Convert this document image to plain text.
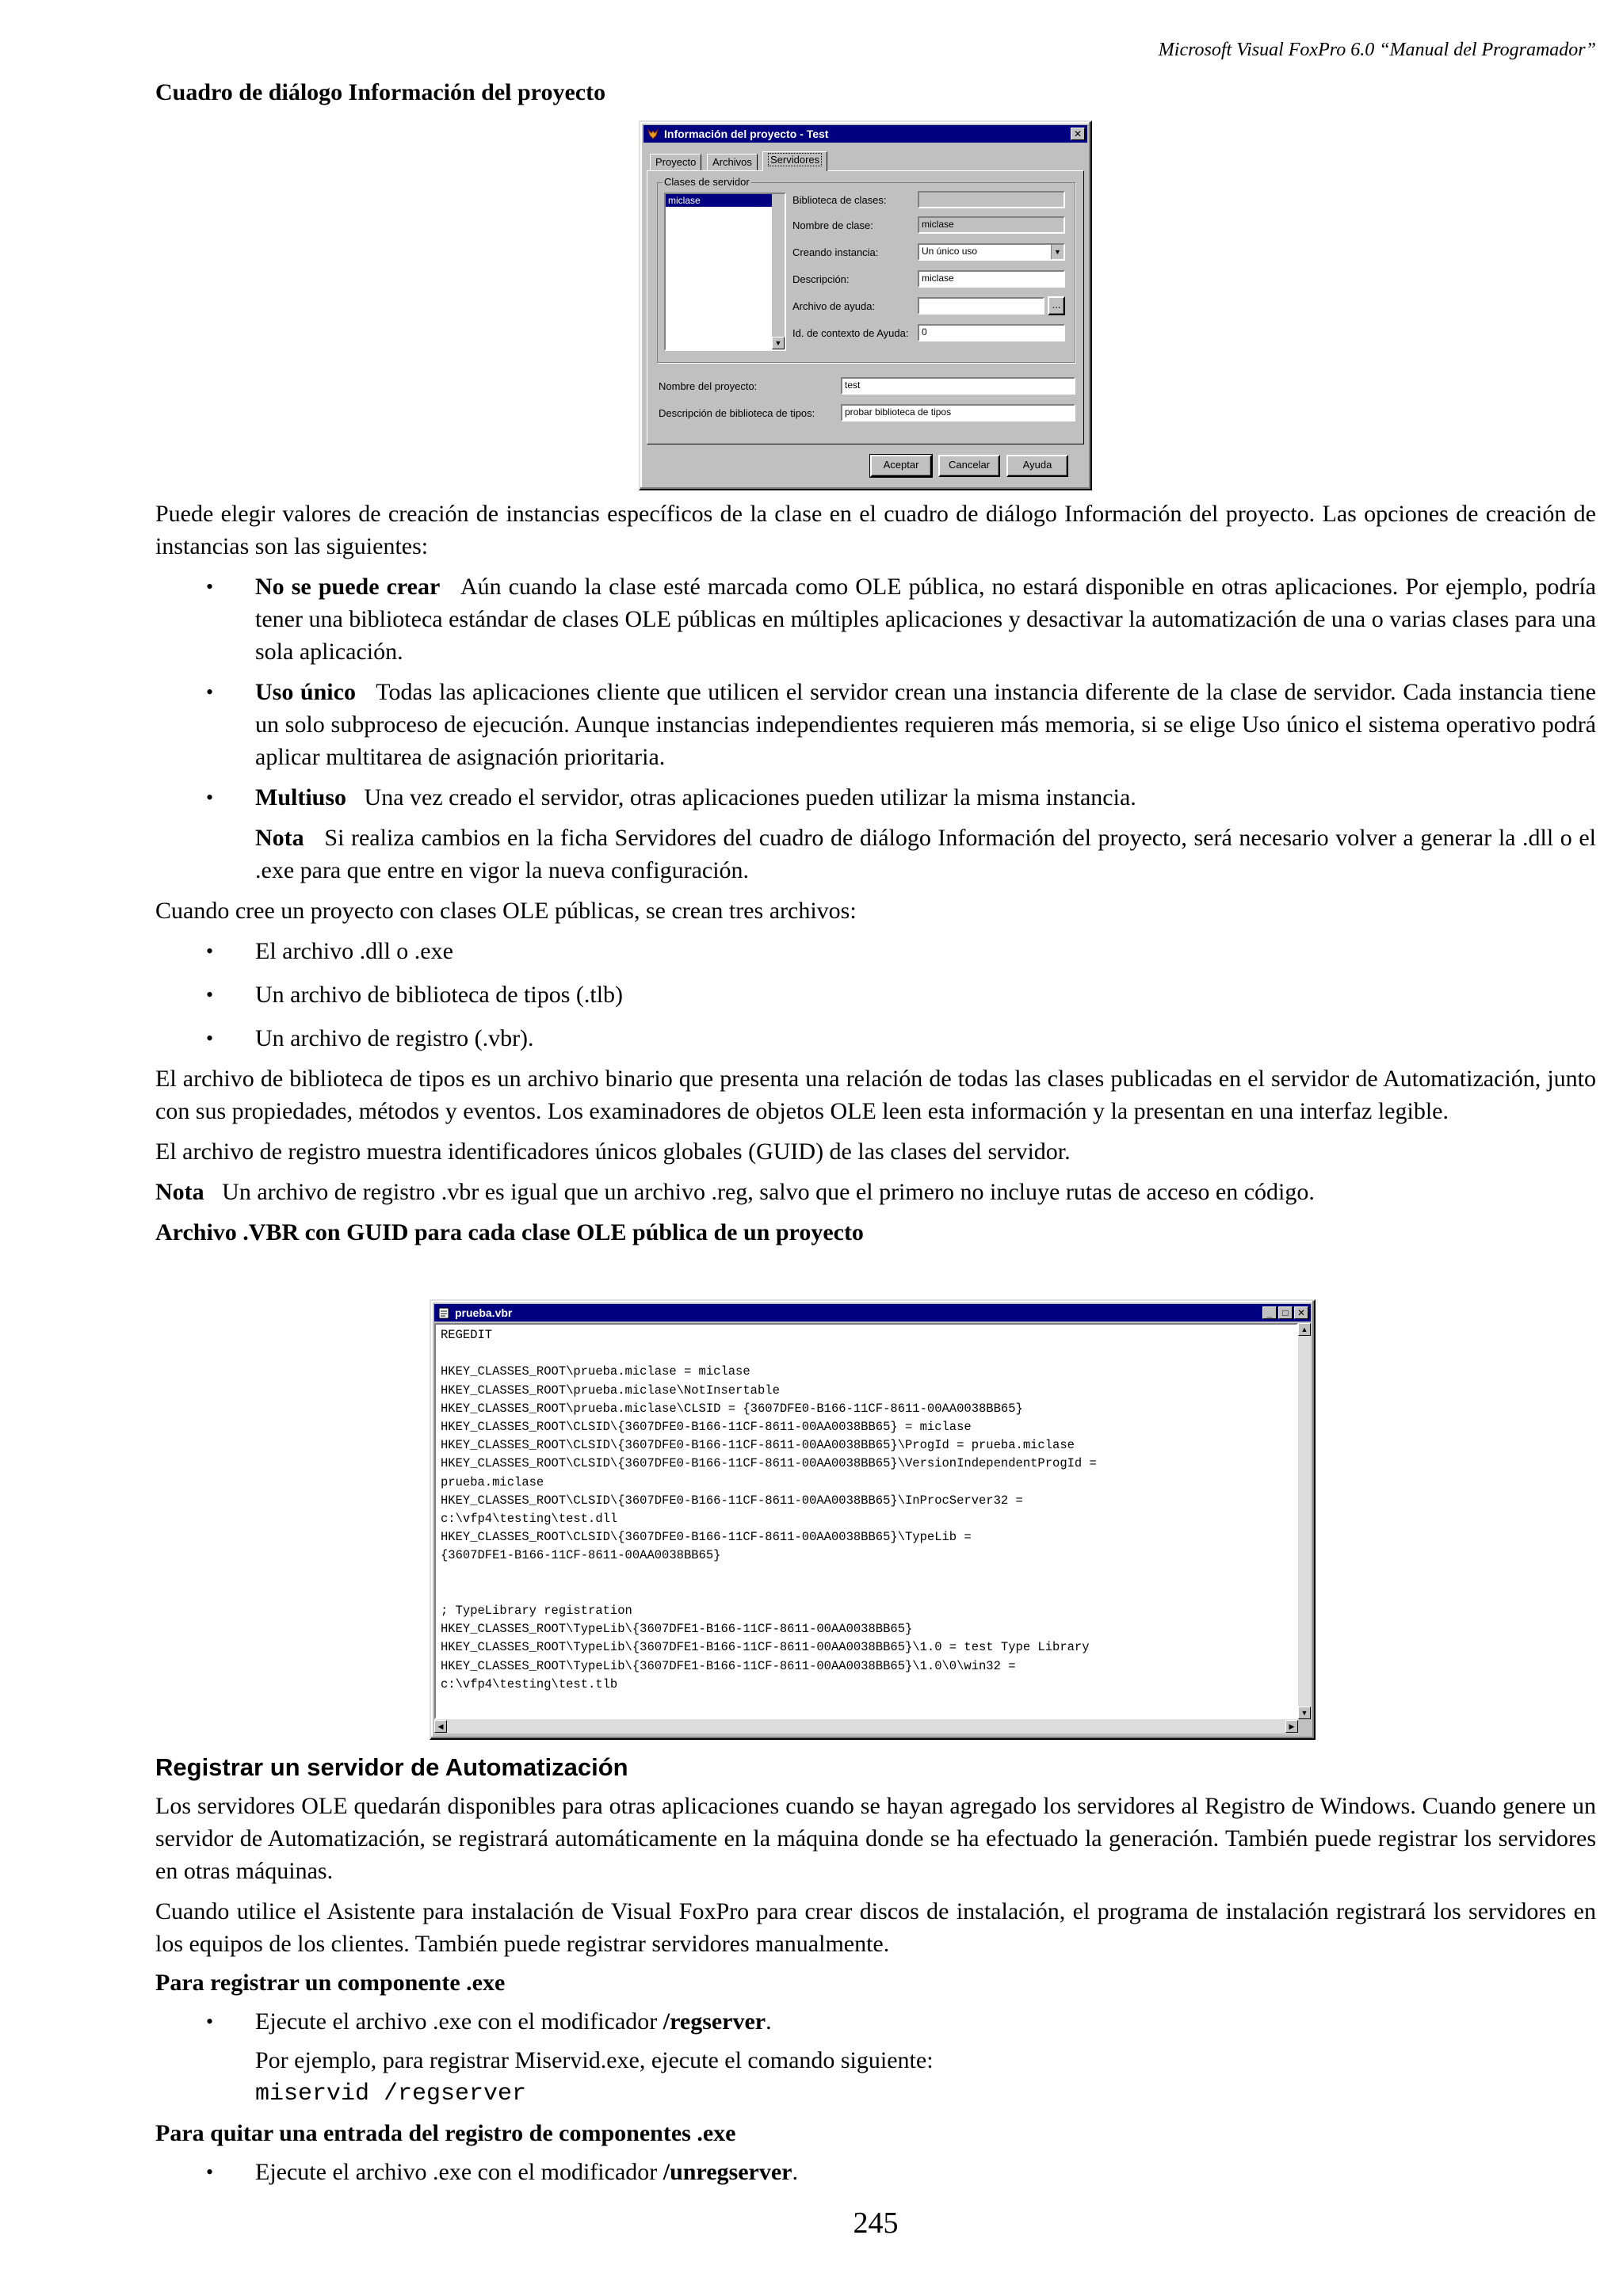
Microsoft Visual FoxPro 6.0 “Manual del Programador”
Cuadro de diálogo Información del proyecto
Información del proyecto - Test	✕
Proyecto	Archivos	Servidores
Clases de servidor
miclase
▼
Biblioteca de clases:
Nombre de clase:	miclase
Creando instancia:	Un único uso	▼
Descripción:	miclase
Archivo de ayuda:	...
Id. de contexto de Ayuda:	0
Nombre del proyecto:	test
Descripción de biblioteca de tipos:	probar biblioteca de tipos
Aceptar	Cancelar	Ayuda

Puede elegir valores de creación de instancias específicos de la clase en el cuadro de diálogo Información del proyecto. Las opciones de creación de instancias son las siguientes:

• No se puede crear Aún cuando la clase esté marcada como OLE pública, no estará disponible en otras aplicaciones. Por ejemplo, podría tener una biblioteca estándar de clases OLE públicas en múltiples aplicaciones y desactivar la automatización de una o varias clases para una sola aplicación.
• Uso único Todas las aplicaciones cliente que utilicen el servidor crean una instancia diferente de la clase de servidor. Cada instancia tiene un solo subproceso de ejecución. Aunque instancias independientes requieren más memoria, si se elige Uso único el sistema operativo podrá aplicar multitarea de asignación prioritaria.
• Multiuso Una vez creado el servidor, otras aplicaciones pueden utilizar la misma instancia.
Nota Si realiza cambios en la ficha Servidores del cuadro de diálogo Información del proyecto, será necesario volver a generar la .dll o el .exe para que entre en vigor la nueva configuración.

Cuando cree un proyecto con clases OLE públicas, se crean tres archivos:

• El archivo .dll o .exe
• Un archivo de biblioteca de tipos (.tlb)
• Un archivo de registro (.vbr).

El archivo de biblioteca de tipos es un archivo binario que presenta una relación de todas las clases publicadas en el servidor de Automatización, junto con sus propiedades, métodos y eventos. Los examinadores de objetos OLE leen esta información y la presentan en una interfaz legible.

El archivo de registro muestra identificadores únicos globales (GUID) de las clases del servidor.

Nota Un archivo de registro .vbr es igual que un archivo .reg, salvo que el primero no incluye rutas de acceso en código.

Archivo .VBR con GUID para cada clase OLE pública de un proyecto

prueba.vbr	_	□ ✕
REGEDIT

HKEY_CLASSES_ROOT\prueba.miclase = miclase
HKEY_CLASSES_ROOT\prueba.miclase\NotInsertable
HKEY_CLASSES_ROOT\prueba.miclase\CLSID = {3607DFE0-B166-11CF-8611-00AA0038BB65}
HKEY_CLASSES_ROOT\CLSID\{3607DFE0-B166-11CF-8611-00AA0038BB65} = miclase
HKEY_CLASSES_ROOT\CLSID\{3607DFE0-B166-11CF-8611-00AA0038BB65}\ProgId = prueba.miclase
HKEY_CLASSES_ROOT\CLSID\{3607DFE0-B166-11CF-8611-00AA0038BB65}\VersionIndependentProgId =
prueba.miclase
HKEY_CLASSES_ROOT\CLSID\{3607DFE0-B166-11CF-8611-00AA0038BB65}\InProcServer32 =
c:\vfp4\testing\test.dll
HKEY_CLASSES_ROOT\CLSID\{3607DFE0-B166-11CF-8611-00AA0038BB65}\TypeLib =
{3607DFE1-B166-11CF-8611-00AA0038BB65}

; TypeLibrary registration
HKEY_CLASSES_ROOT\TypeLib\{3607DFE1-B166-11CF-8611-00AA0038BB65}
HKEY_CLASSES_ROOT\TypeLib\{3607DFE1-B166-11CF-8611-00AA0038BB65}\1.0 = test Type Library
HKEY_CLASSES_ROOT\TypeLib\{3607DFE1-B166-11CF-8611-00AA0038BB65}\1.0\0\win32 =
c:\vfp4\testing\test.tlb
▲
▼
◀	▶

Registrar un servidor de Automatización

Los servidores OLE quedarán disponibles para otras aplicaciones cuando se hayan agregado los servidores al Registro de Windows. Cuando genere un servidor de Automatización, se registrará automáticamente en la máquina donde se ha efectuado la generación. También puede registrar los servidores en otras máquinas.

Cuando utilice el Asistente para instalación de Visual FoxPro para crear discos de instalación, el programa de instalación registrará los servidores en los equipos de los clientes. También puede registrar servidores manualmente.

Para registrar un componente .exe

• Ejecute el archivo .exe con el modificador /regserver.
Por ejemplo, para registrar Miservid.exe, ejecute el comando siguiente:
miservid /regserver

Para quitar una entrada del registro de componentes .exe

• Ejecute el archivo .exe con el modificador /unregserver.
245
